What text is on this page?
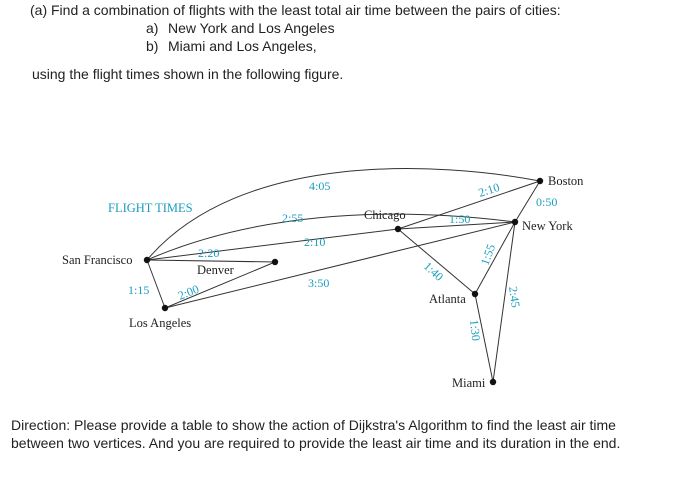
(a) Find a combination of flights with the least total air time between the pairs of cities:
a) New York and Los Angeles
b) Miami and Los Angeles,
using the flight times shown in the following figure.
FLIGHT TIMES
San Francisco
Los Angeles
Denver
Chicago
New York
Boston
Atlanta
Miami
4:05
2:55
2:10
2:20
1:15 2:00	3:50
2:10
1:50
1:40
0:50
1:55
2:45
1:30
Direction: Please provide a table to show the action of Dijkstra's Algorithm to find the least air time between two vertices. And you are required to provide the least air time and its duration in the end.
